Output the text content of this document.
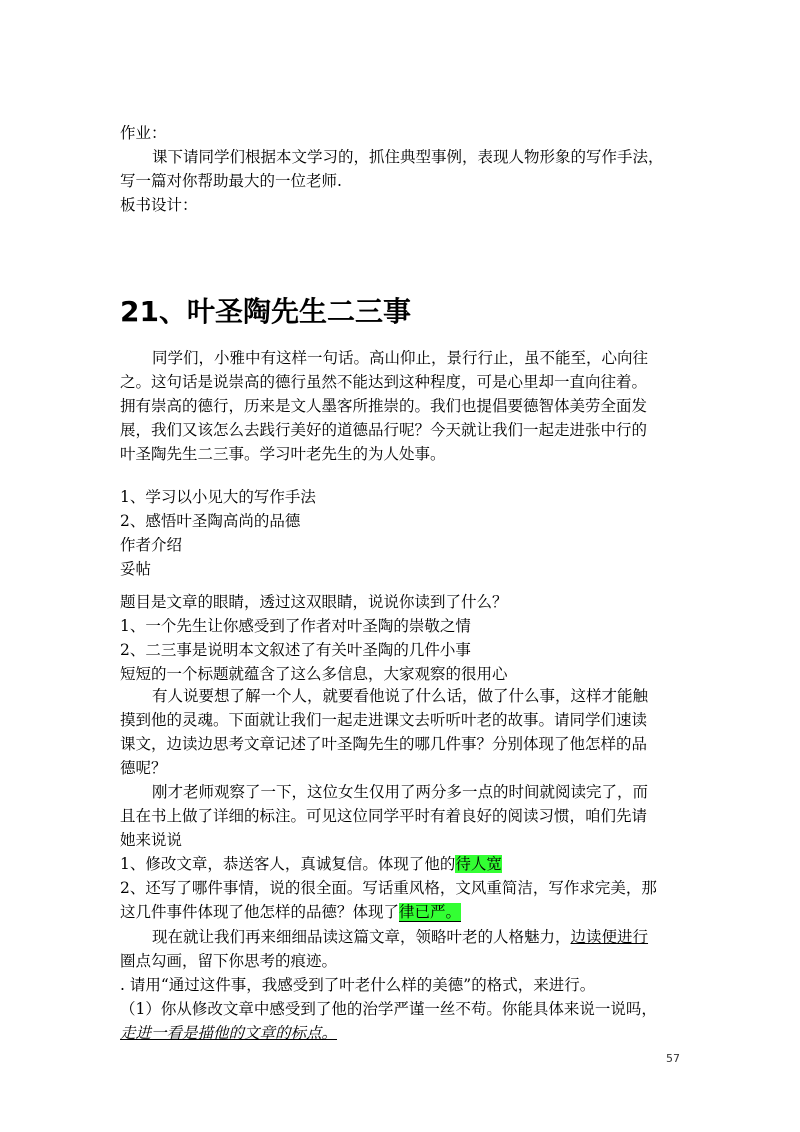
作业：
课下请同学们根据本文学习的，抓住典型事例，表现人物形象的写作手法，
写一篇对你帮助最大的一位老师.
板书设计：
21、叶圣陶先生二三事
同学们，小雅中有这样一句话。高山仰止，景行行止，虽不能至，心向往
之。这句话是说崇高的德行虽然不能达到这种程度，可是心里却一直向往着。
拥有崇高的德行，历来是文人墨客所推崇的。我们也提倡要德智体美劳全面发
展，我们又该怎么去践行美好的道德品行呢？今天就让我们一起走进张中行的
叶圣陶先生二三事。学习叶老先生的为人处事。
1、学习以小见大的写作手法
2、感悟叶圣陶高尚的品德
作者介绍
妥帖
题目是文章的眼睛，透过这双眼睛，说说你读到了什么？
1、一个先生让你感受到了作者对叶圣陶的崇敬之情
2、二三事是说明本文叙述了有关叶圣陶的几件小事
短短的一个标题就蕴含了这么多信息，大家观察的很用心
有人说要想了解一个人，就要看他说了什么话，做了什么事，这样才能触
摸到他的灵魂。下面就让我们一起走进课文去听听叶老的故事。请同学们速读
课文，边读边思考文章记述了叶圣陶先生的哪几件事？分别体现了他怎样的品
德呢？
刚才老师观察了一下，这位女生仅用了两分多一点的时间就阅读完了，而
且在书上做了详细的标注。可见这位同学平时有着良好的阅读习惯，咱们先请
她来说说
1、修改文章，恭送客人，真诚复信。体现了他的待人宽
2、还写了哪件事情，说的很全面。写话重风格，文风重简洁，写作求完美，那
这几件事件体现了他怎样的品德？体现了律已严。
现在就让我们再来细细品读这篇文章，领略叶老的人格魅力，边读便进行
圈点勾画，留下你思考的痕迹。
. 请用“通过这件事，我感受到了叶老什么样的美德”的格式，来进行。
（1）你从修改文章中感受到了他的治学严谨一丝不苟。你能具体来说一说吗，
走进一看是描他的文章的标点。
57
